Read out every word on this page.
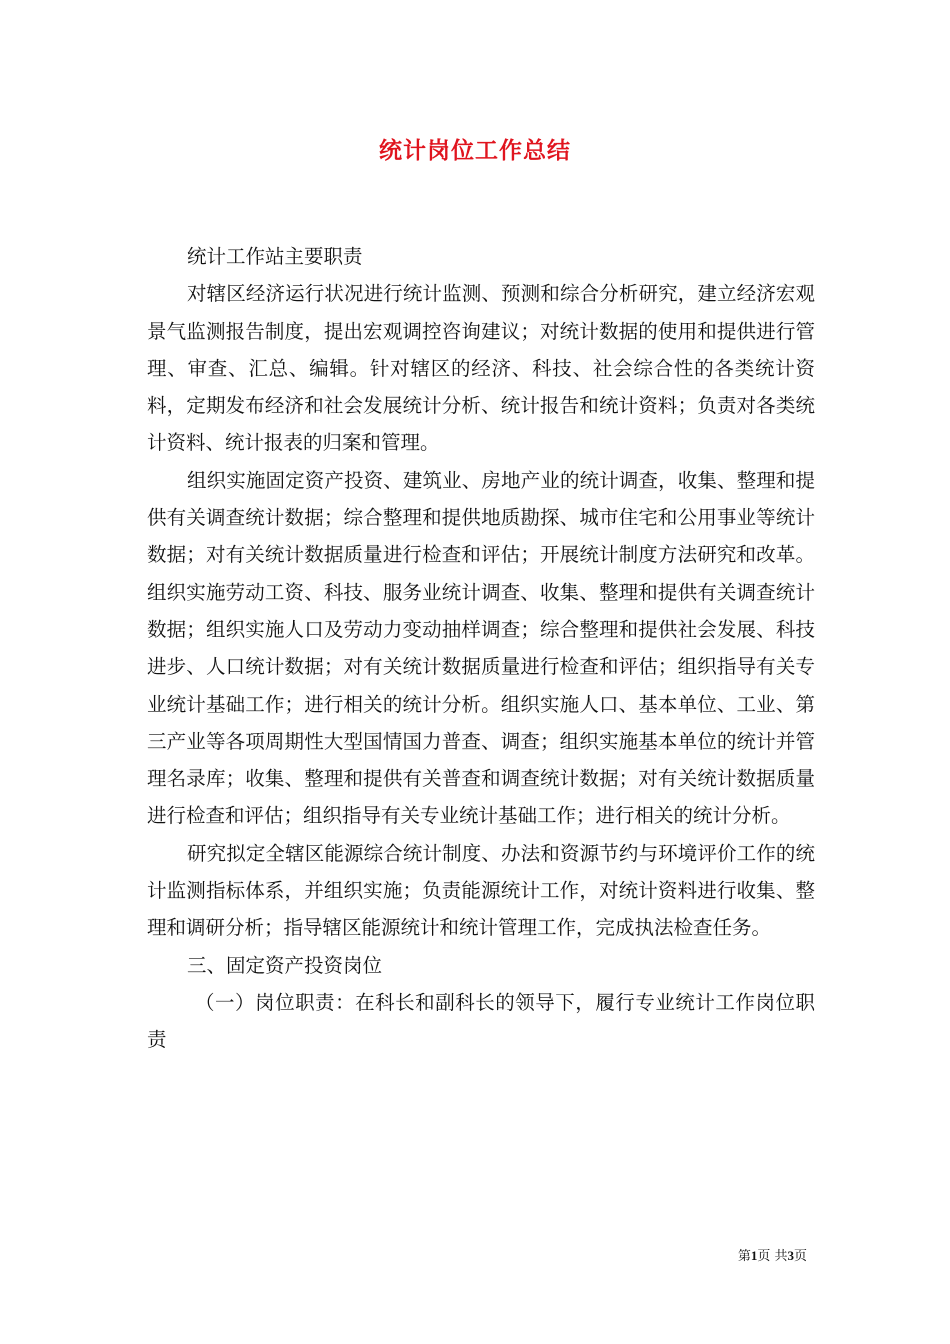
统计岗位工作总结

统计工作站主要职责

对辖区经济运行状况进行统计监测、预测和综合分析研究，建立经济宏观景气监测报告制度，提出宏观调控咨询建议；对统计数据的使用和提供进行管理、审查、汇总、编辑。针对辖区的经济、科技、社会综合性的各类统计资料，定期发布经济和社会发展统计分析、统计报告和统计资料；负责对各类统计资料、统计报表的归案和管理。

组织实施固定资产投资、建筑业、房地产业的统计调查，收集、整理和提供有关调查统计数据；综合整理和提供地质勘探、城市住宅和公用事业等统计数据；对有关统计数据质量进行检查和评估；开展统计制度方法研究和改革。组织实施劳动工资、科技、服务业统计调查、收集、整理和提供有关调查统计数据；组织实施人口及劳动力变动抽样调查；综合整理和提供社会发展、科技进步、人口统计数据；对有关统计数据质量进行检查和评估；组织指导有关专业统计基础工作；进行相关的统计分析。组织实施人口、基本单位、工业、第三产业等各项周期性大型国情国力普查、调查；组织实施基本单位的统计并管理名录库；收集、整理和提供有关普查和调查统计数据；对有关统计数据质量进行检查和评估；组织指导有关专业统计基础工作；进行相关的统计分析。

研究拟定全辖区能源综合统计制度、办法和资源节约与环境评价工作的统计监测指标体系，并组织实施；负责能源统计工作，对统计资料进行收集、整理和调研分析；指导辖区能源统计和统计管理工作，完成执法检查任务。

三、固定资产投资岗位

（一）岗位职责：在科长和副科长的领导下，履行专业统计工作岗位职责

第1页 共3页
